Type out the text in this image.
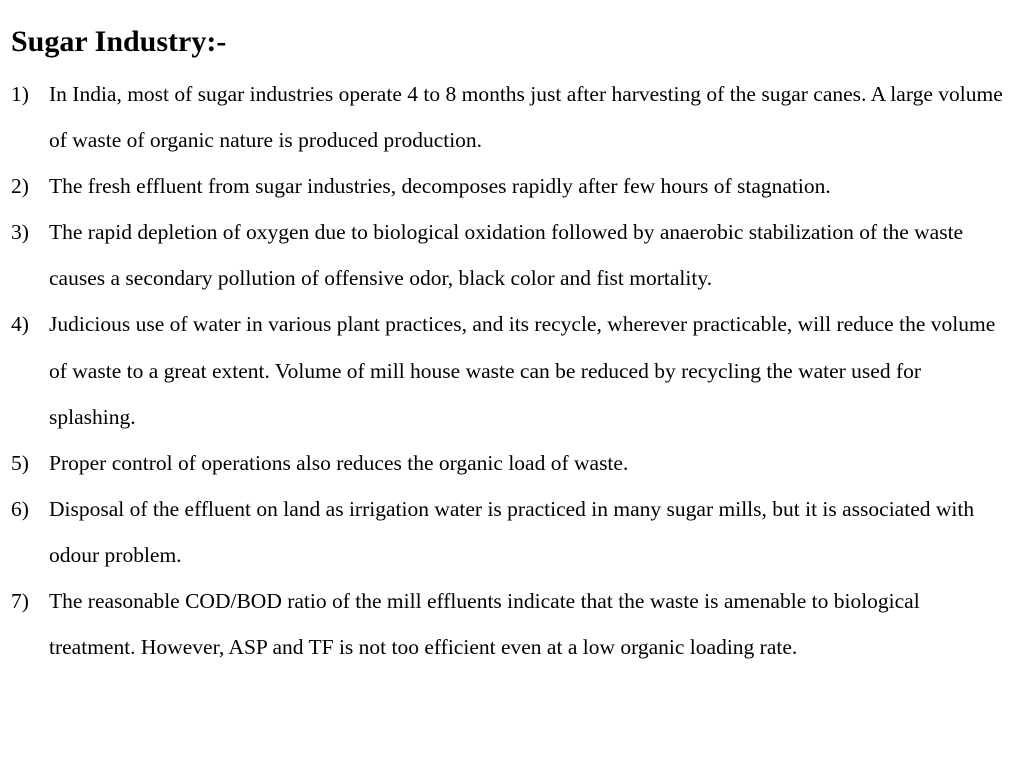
Sugar Industry:-
1) In India, most of sugar industries operate 4 to 8 months just after harvesting of the sugar canes. A large volume of waste of organic nature is produced production.
2) The fresh effluent from sugar industries, decomposes rapidly after few hours of stagnation.
3) The rapid depletion of oxygen due to biological oxidation followed by anaerobic stabilization of the waste causes a secondary pollution of offensive odor, black color and fist mortality.
4) Judicious use of water in various plant practices, and its recycle, wherever practicable, will reduce the volume of waste to a great extent. Volume of mill house waste can be reduced by recycling the water used for splashing.
5) Proper control of operations also reduces the organic load of waste.
6) Disposal of the effluent on land as irrigation water is practiced in many sugar mills, but it is associated with odour problem.
7) The reasonable COD/BOD ratio of the mill effluents indicate that the waste is amenable to biological treatment. However, ASP and TF is not too efficient even at a low organic loading rate.
